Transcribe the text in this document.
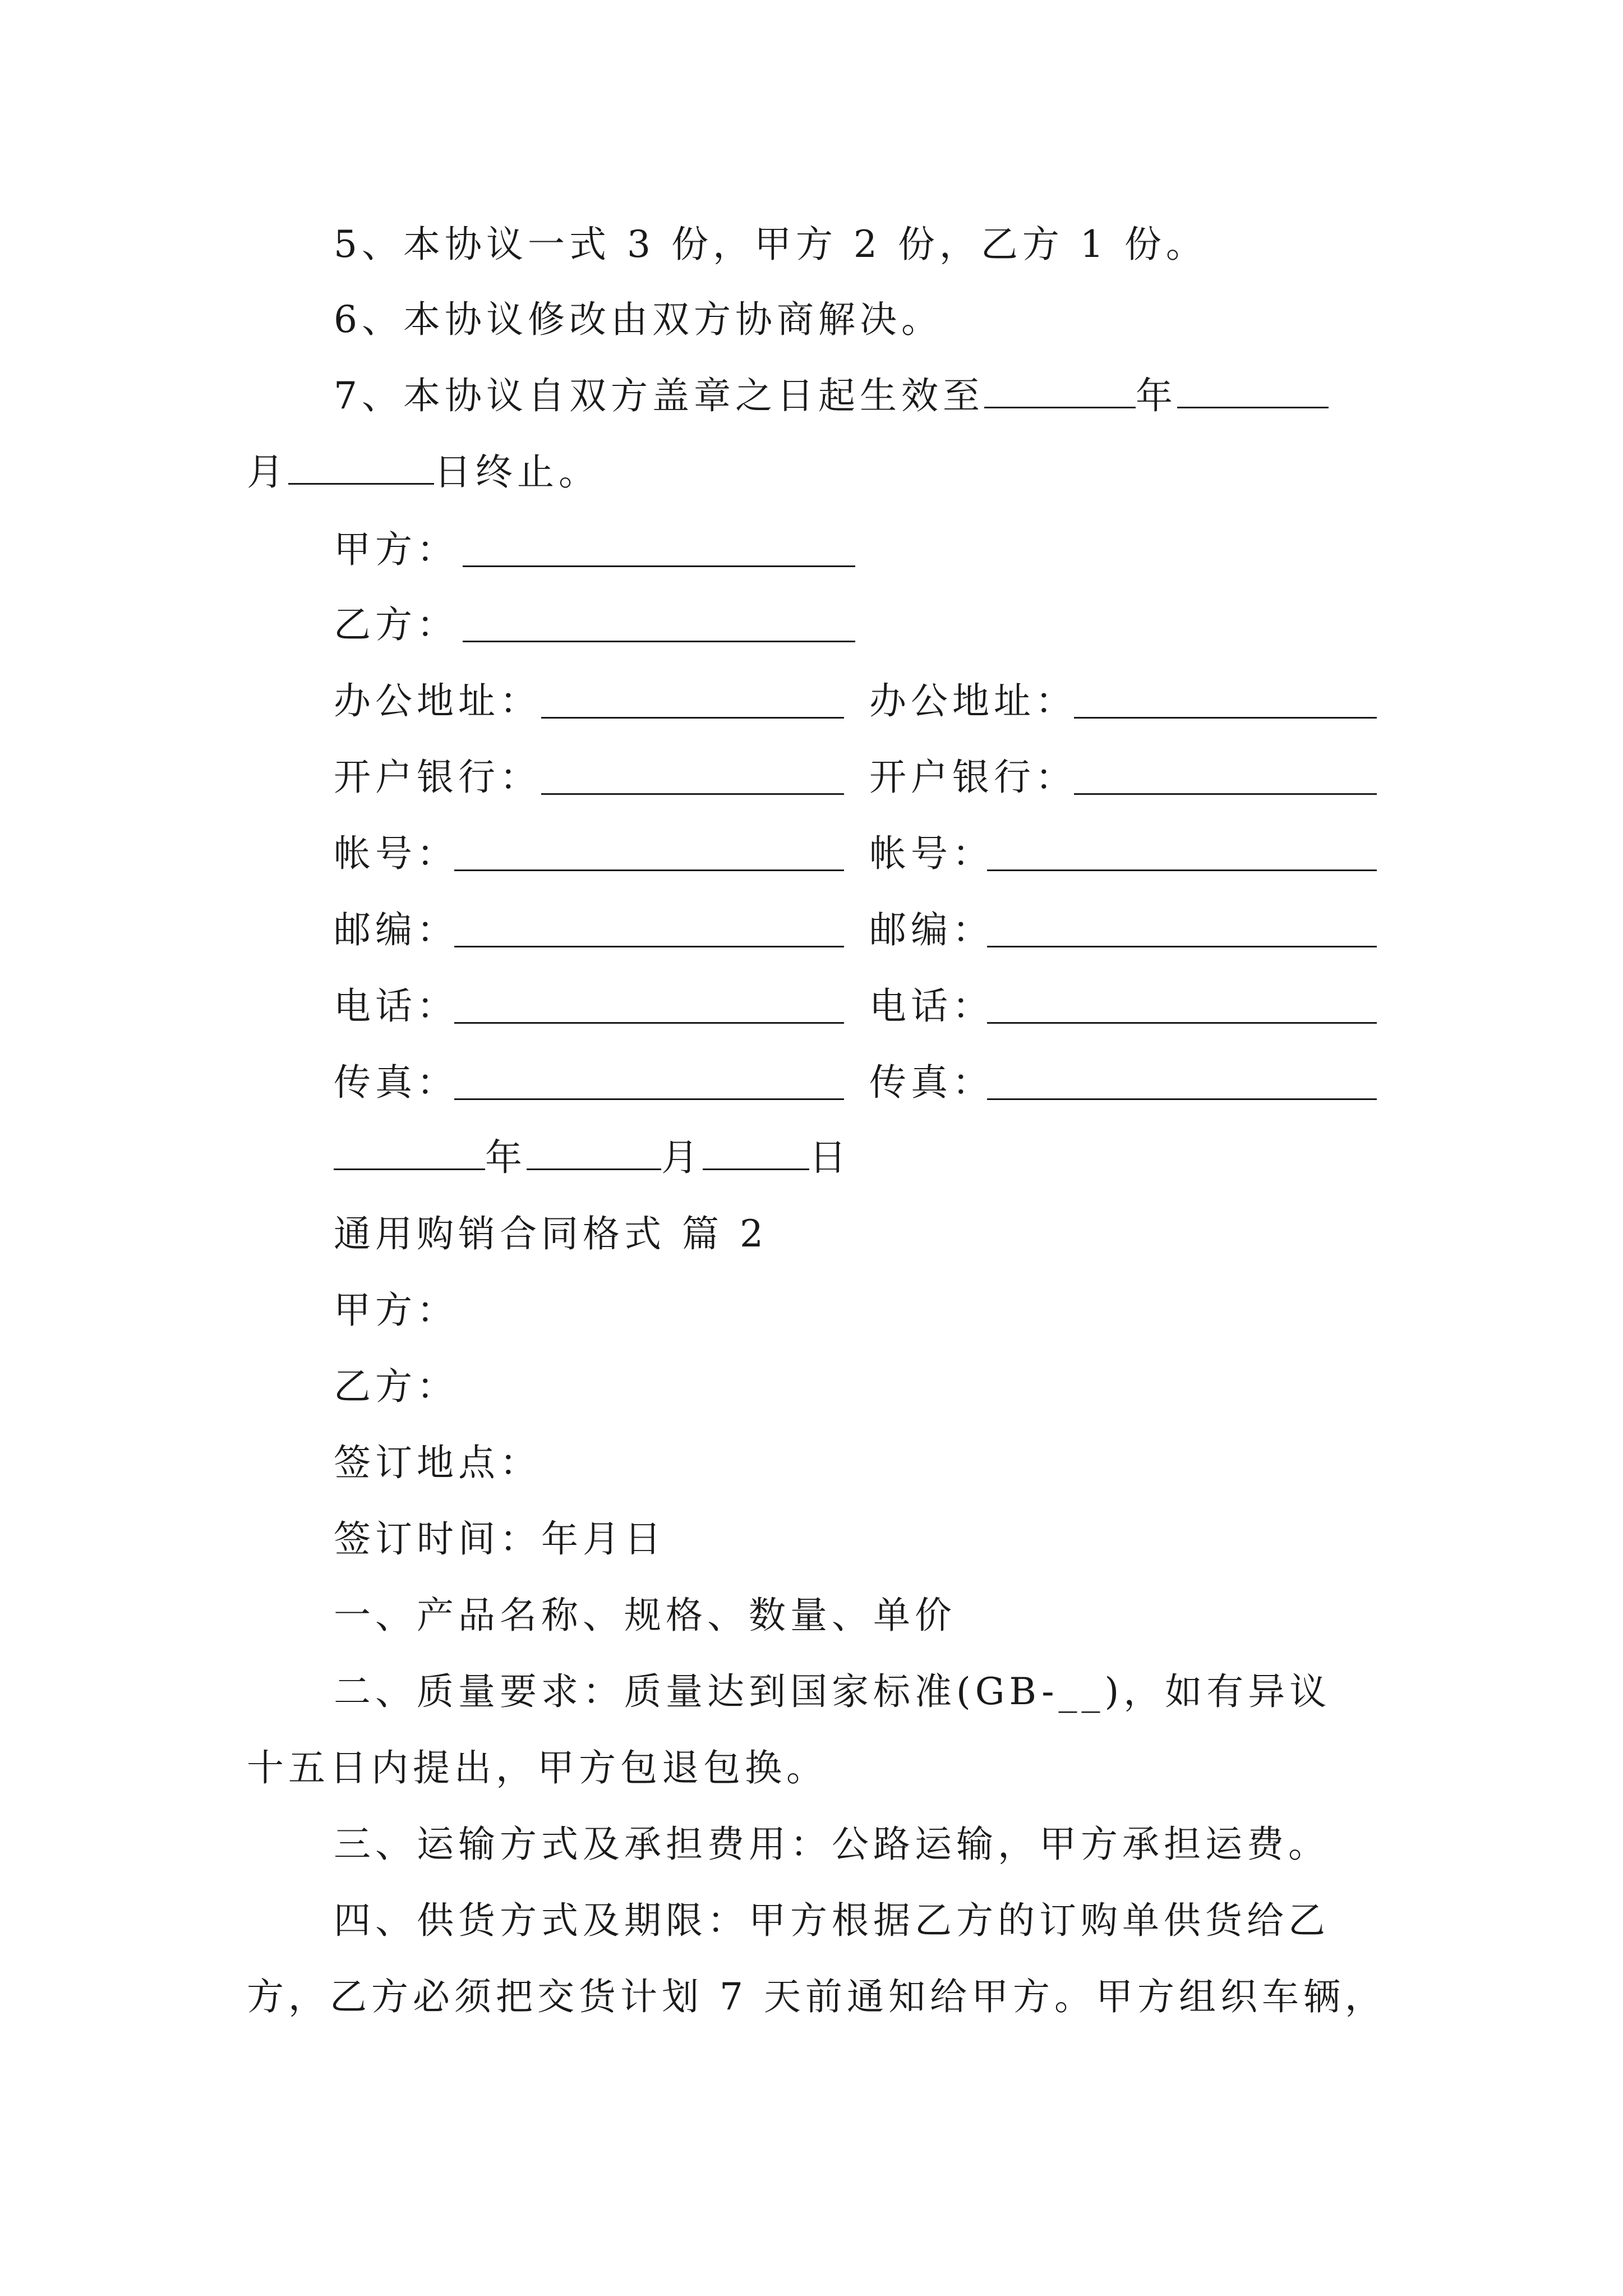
5、本协议一式 3 份，甲方 2 份，乙方 1 份。
6、本协议修改由双方协商解决。
7、本协议自双方盖章之日起生效至	年
月	日终止。
甲方：
乙方：
办公地址：	办公地址：
开户银行：	开户银行：
帐号：	帐号：
邮编：	邮编：
电话：	电话：
传真：	传真：
年	月	日
通用购销合同格式 篇 2
甲方：
乙方：
签订地点：
签订时间：年月日
一、产品名称、规格、数量、单价
二、质量要求：质量达到国家标准(GB-__)，如有异议
十五日内提出，甲方包退包换。
三、运输方式及承担费用：公路运输，甲方承担运费。
四、供货方式及期限：甲方根据乙方的订购单供货给乙
方，乙方必须把交货计划 7 天前通知给甲方。甲方组织车辆，
